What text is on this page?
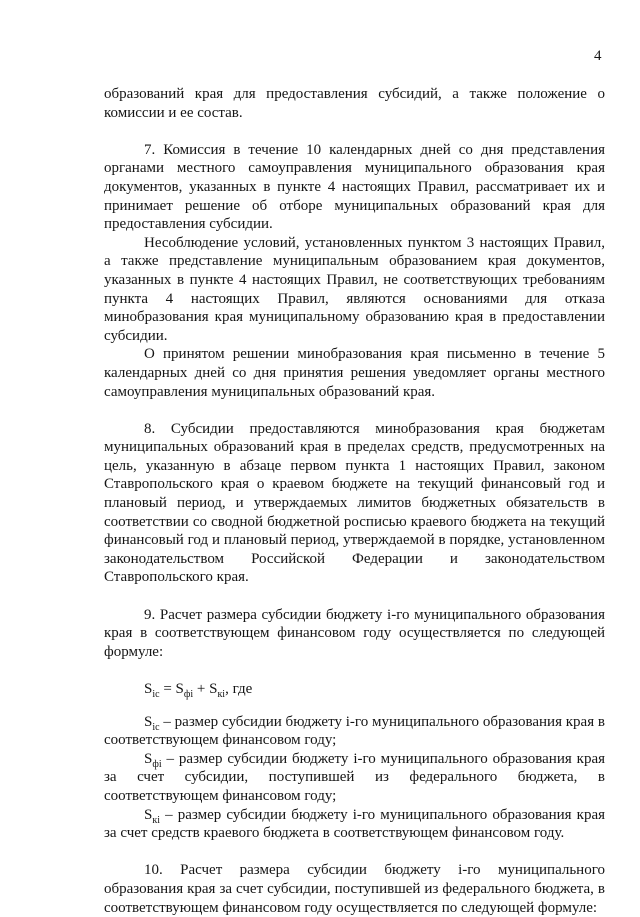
4

образований края для предоставления субсидий, а также положение о комиссии и ее состав.

7. Комиссия в течение 10 календарных дней со дня представления органами местного самоуправления муниципального образования края документов, указанных в пункте 4 настоящих Правил, рассматривает их и принимает решение об отборе муниципальных образований края для предоставления субсидии.

Несоблюдение условий, установленных пунктом 3 настоящих Правил, а также представление муниципальным образованием края документов, указанных в пункте 4 настоящих Правил, не соответствующих требованиям пункта 4 настоящих Правил, являются основаниями для отказа минобразования края муниципальному образованию края в предоставлении субсидии.

О принятом решении минобразования края письменно в течение 5 календарных дней со дня принятия решения уведомляет органы местного самоуправления муниципальных образований края.

8. Субсидии предоставляются минобразования края бюджетам муниципальных образований края в пределах средств, предусмотренных на цель, указанную в абзаце первом пункта 1 настоящих Правил, законом Ставропольского края о краевом бюджете на текущий финансовый год и плановый период, и утверждаемых лимитов бюджетных обязательств в соответствии со сводной бюджетной росписью краевого бюджета на текущий финансовый год и плановый период, утверждаемой в порядке, установленном законодательством Российской Федерации и законодательством Ставропольского края.

9. Расчет размера субсидии бюджету i-го муниципального образования края в соответствующем финансовом году осуществляется по следующей формуле:

$S_{ic} = S_{фi} + S_{кi}$, где

$S_{ic}$ – размер субсидии бюджету i-го муниципального образования края в соответствующем финансовом году;

$S_{фi}$ – размер субсидии бюджету i-го муниципального образования края за счет субсидии, поступившей из федерального бюджета, в соответствующем финансовом году;

$S_{кi}$ – размер субсидии бюджету i-го муниципального образования края за счет средств краевого бюджета в соответствующем финансовом году.

10. Расчет размера субсидии бюджету i-го муниципального образования края за счет субсидии, поступившей из федерального бюджета, в соответствующем финансовом году осуществляется по следующей формуле:
